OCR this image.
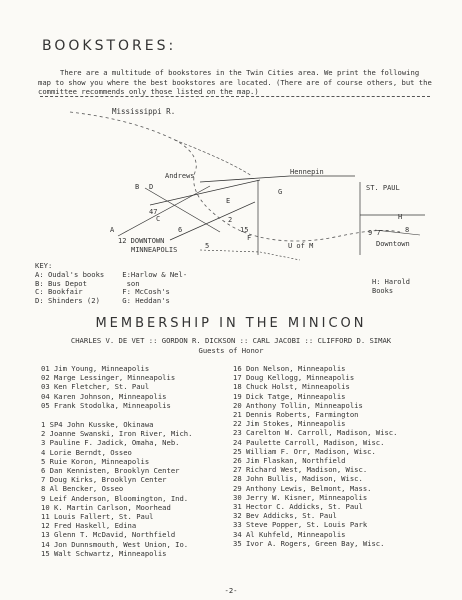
BOOKSTORES:

There are a multitude of bookstores in the Twin Cities area. We print the following map to show you where the best bookstores are located. (There are of course others, but the committee recommends only those listed on the map.)

Mississippi R.
Andrews	Hennepin
ST. PAUL
12 DOWNTOWN
MINNEAPOLIS	U of M	Downtown
H: Harold
Books
B D
A
47
C
6
E
2
5
15
F
G
H
9 7	8
KEY:
A: Oudal's books
B: Bus Depot
C: Bookfair
D: Shinders (2)
E:Harlow & Nel-
son
F: McCosh's
G: Heddan's
MEMBERSHIP IN THE MINICON
CHARLES V. DE VET :: GORDON R. DICKSON :: CARL JACOBI :: CLIFFORD D. SIMAK
Guests of Honor
01 Jim Young, Minneapolis
02 Marge Lessinger, Minneapolis
03 Ken Fletcher, St. Paul
04 Karen Johnson, Minneapolis
05 Frank Stodolka, Minneapolis
1 SP4 John Kusske, Okinawa
2 Joanne Swanski, Iron River, Mich.
3 Pauline F. Jadick, Omaha, Neb.
4 Lorie Berndt, Osseo
5 Ruie Koron, Minneapolis
6 Dan Kennisten, Brooklyn Center
7 Doug Kirks, Brooklyn Center
8 Al Bencker, Osseo
9 Leif Anderson, Bloomington, Ind.
10 K. Martin Carlson, Moorhead
11 Louis Fallert, St. Paul
12 Fred Haskell, Edina
13 Glenn T. McDavid, Northfield
14 Jon Dunnsmouth, West Union, Io.
15 Walt Schwartz, Minneapolis
16 Don Nelson, Minneapolis
17 Doug Kellogg, Minneapolis
18 Chuck Holst, Minneapolis
19 Dick Tatge, Minneapolis
20 Anthony Tollin, Minneapolis
21 Dennis Roberts, Farmington
22 Jim Stokes, Minneapolis
23 Carelton W. Carroll, Madison, Wisc.
24 Paulette Carroll, Madison, Wisc.
25 William F. Orr, Madison, Wisc.
26 Jim Flaskan, Northfield
27 Richard West, Madison, Wisc.
28 John Bullis, Madison, Wisc.
29 Anthony Lewis, Belmont, Mass.
30 Jerry W. Kisner, Minneapolis
31 Hector C. Addicks, St. Paul
32 Bev Addicks, St. Paul
33 Steve Popper, St. Louis Park
34 Al Kuhfeld, Minneapolis
35 Ivor A. Rogers, Green Bay, Wisc.
-2-
